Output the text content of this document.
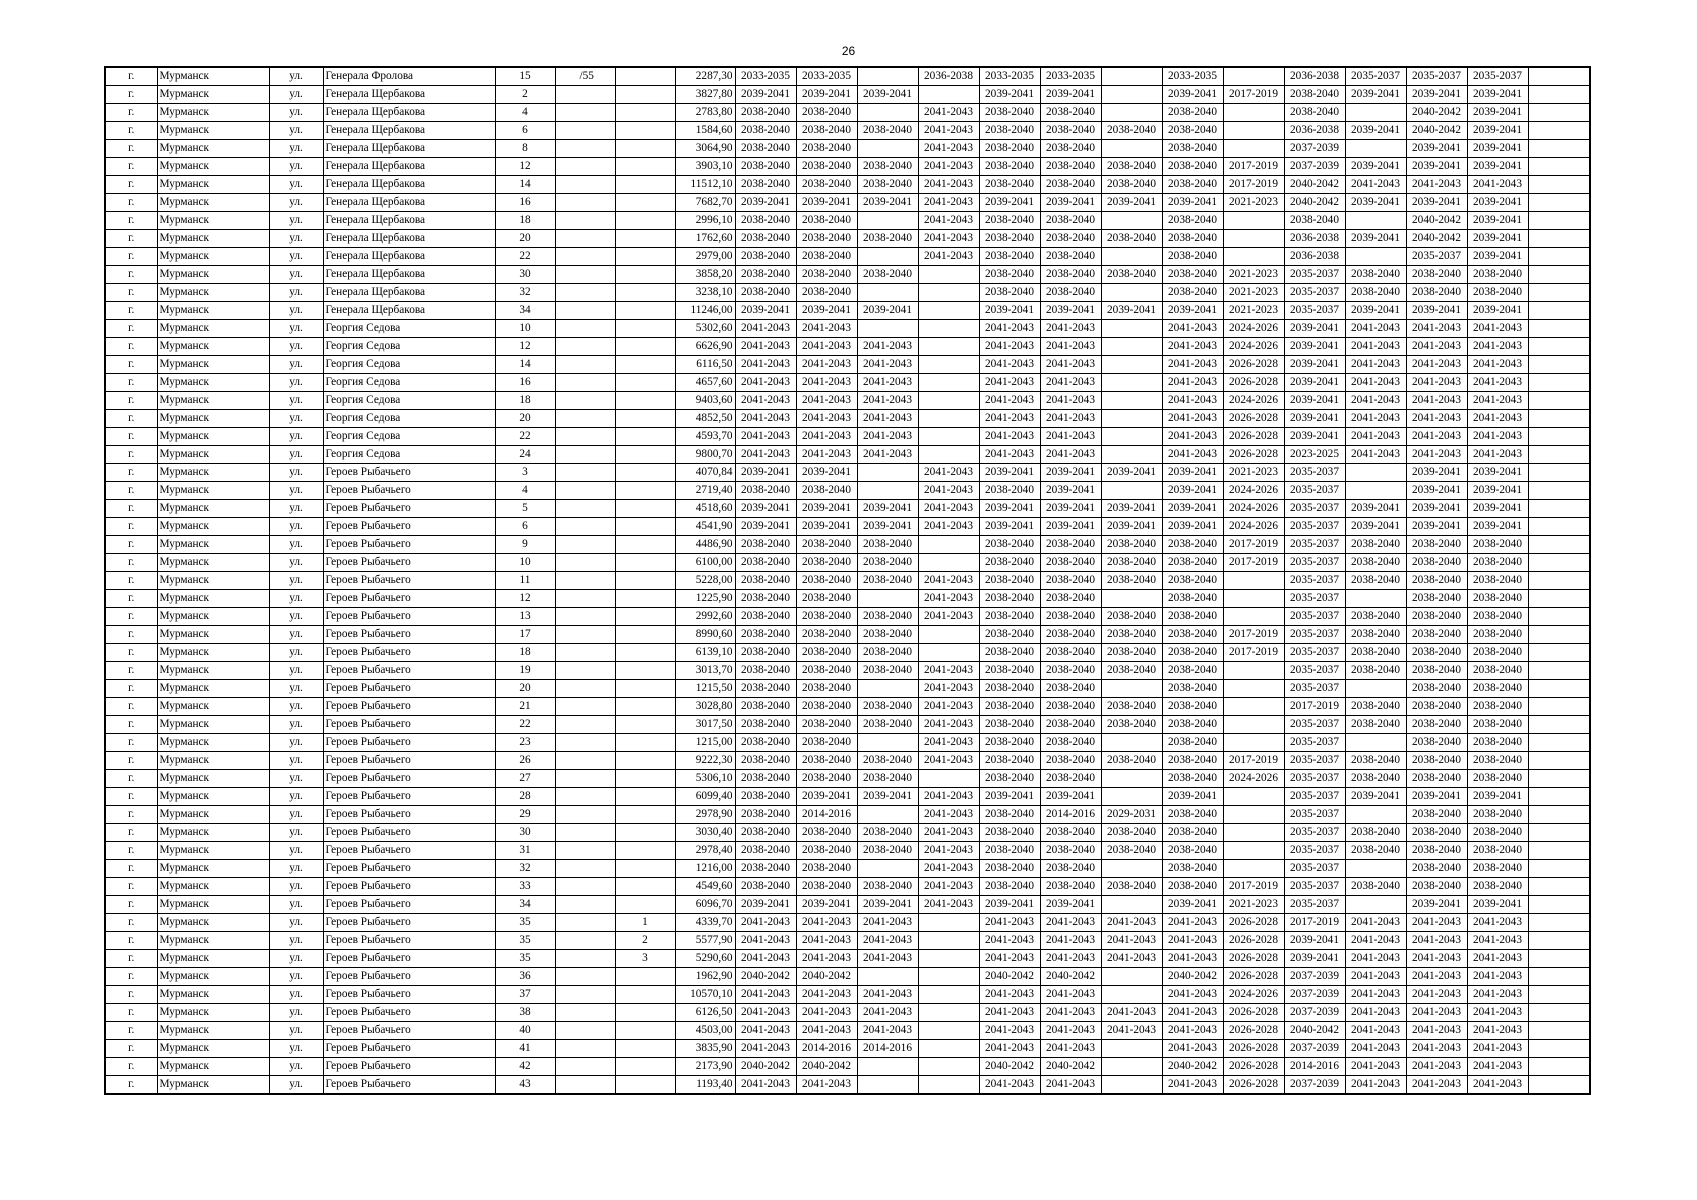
26
г.	Мурманск	ул.	Генерала Фролова	15	/55		2287,30	2033-2035	2033-2035		2036-2038	2033-2035	2033-2035		2033-2035		2036-2038	2035-2037	2035-2037	2035-2037	
г.	Мурманск	ул.	Генерала Щербакова	2			3827,80	2039-2041	2039-2041	2039-2041		2039-2041	2039-2041		2039-2041	2017-2019	2038-2040	2039-2041	2039-2041	2039-2041	
г.	Мурманск	ул.	Генерала Щербакова	4			2783,80	2038-2040	2038-2040		2041-2043	2038-2040	2038-2040		2038-2040		2038-2040		2040-2042	2039-2041	
г.	Мурманск	ул.	Генерала Щербакова	6			1584,60	2038-2040	2038-2040	2038-2040	2041-2043	2038-2040	2038-2040	2038-2040	2038-2040		2036-2038	2039-2041	2040-2042	2039-2041	
г.	Мурманск	ул.	Генерала Щербакова	8			3064,90	2038-2040	2038-2040		2041-2043	2038-2040	2038-2040		2038-2040		2037-2039		2039-2041	2039-2041	
г.	Мурманск	ул.	Генерала Щербакова	12			3903,10	2038-2040	2038-2040	2038-2040	2041-2043	2038-2040	2038-2040	2038-2040	2038-2040	2017-2019	2037-2039	2039-2041	2039-2041	2039-2041	
г.	Мурманск	ул.	Генерала Щербакова	14			11512,10	2038-2040	2038-2040	2038-2040	2041-2043	2038-2040	2038-2040	2038-2040	2038-2040	2017-2019	2040-2042	2041-2043	2041-2043	2041-2043	
г.	Мурманск	ул.	Генерала Щербакова	16			7682,70	2039-2041	2039-2041	2039-2041	2041-2043	2039-2041	2039-2041	2039-2041	2039-2041	2021-2023	2040-2042	2039-2041	2039-2041	2039-2041	
г.	Мурманск	ул.	Генерала Щербакова	18			2996,10	2038-2040	2038-2040		2041-2043	2038-2040	2038-2040		2038-2040		2038-2040		2040-2042	2039-2041	
г.	Мурманск	ул.	Генерала Щербакова	20			1762,60	2038-2040	2038-2040	2038-2040	2041-2043	2038-2040	2038-2040	2038-2040	2038-2040		2036-2038	2039-2041	2040-2042	2039-2041	
г.	Мурманск	ул.	Генерала Щербакова	22			2979,00	2038-2040	2038-2040		2041-2043	2038-2040	2038-2040		2038-2040		2036-2038		2035-2037	2039-2041	
г.	Мурманск	ул.	Генерала Щербакова	30			3858,20	2038-2040	2038-2040	2038-2040		2038-2040	2038-2040	2038-2040	2038-2040	2021-2023	2035-2037	2038-2040	2038-2040	2038-2040	
г.	Мурманск	ул.	Генерала Щербакова	32			3238,10	2038-2040	2038-2040			2038-2040	2038-2040		2038-2040	2021-2023	2035-2037	2038-2040	2038-2040	2038-2040	
г.	Мурманск	ул.	Генерала Щербакова	34			11246,00	2039-2041	2039-2041	2039-2041		2039-2041	2039-2041	2039-2041	2039-2041	2021-2023	2035-2037	2039-2041	2039-2041	2039-2041	
г.	Мурманск	ул.	Георгия Седова	10			5302,60	2041-2043	2041-2043			2041-2043	2041-2043		2041-2043	2024-2026	2039-2041	2041-2043	2041-2043	2041-2043	
г.	Мурманск	ул.	Георгия Седова	12			6626,90	2041-2043	2041-2043	2041-2043		2041-2043	2041-2043		2041-2043	2024-2026	2039-2041	2041-2043	2041-2043	2041-2043	
г.	Мурманск	ул.	Георгия Седова	14			6116,50	2041-2043	2041-2043	2041-2043		2041-2043	2041-2043		2041-2043	2026-2028	2039-2041	2041-2043	2041-2043	2041-2043	
г.	Мурманск	ул.	Георгия Седова	16			4657,60	2041-2043	2041-2043	2041-2043		2041-2043	2041-2043		2041-2043	2026-2028	2039-2041	2041-2043	2041-2043	2041-2043	
г.	Мурманск	ул.	Георгия Седова	18			9403,60	2041-2043	2041-2043	2041-2043		2041-2043	2041-2043		2041-2043	2024-2026	2039-2041	2041-2043	2041-2043	2041-2043	
г.	Мурманск	ул.	Георгия Седова	20			4852,50	2041-2043	2041-2043	2041-2043		2041-2043	2041-2043		2041-2043	2026-2028	2039-2041	2041-2043	2041-2043	2041-2043	
г.	Мурманск	ул.	Георгия Седова	22			4593,70	2041-2043	2041-2043	2041-2043		2041-2043	2041-2043		2041-2043	2026-2028	2039-2041	2041-2043	2041-2043	2041-2043	
г.	Мурманск	ул.	Георгия Седова	24			9800,70	2041-2043	2041-2043	2041-2043		2041-2043	2041-2043		2041-2043	2026-2028	2023-2025	2041-2043	2041-2043	2041-2043	
г.	Мурманск	ул.	Героев Рыбачьего	3			4070,84	2039-2041	2039-2041		2041-2043	2039-2041	2039-2041	2039-2041	2039-2041	2021-2023	2035-2037		2039-2041	2039-2041	
г.	Мурманск	ул.	Героев Рыбачьего	4			2719,40	2038-2040	2038-2040		2041-2043	2038-2040	2039-2041		2039-2041	2024-2026	2035-2037		2039-2041	2039-2041	
г.	Мурманск	ул.	Героев Рыбачьего	5			4518,60	2039-2041	2039-2041	2039-2041	2041-2043	2039-2041	2039-2041	2039-2041	2039-2041	2024-2026	2035-2037	2039-2041	2039-2041	2039-2041	
г.	Мурманск	ул.	Героев Рыбачьего	6			4541,90	2039-2041	2039-2041	2039-2041	2041-2043	2039-2041	2039-2041	2039-2041	2039-2041	2024-2026	2035-2037	2039-2041	2039-2041	2039-2041	
г.	Мурманск	ул.	Героев Рыбачьего	9			4486,90	2038-2040	2038-2040	2038-2040		2038-2040	2038-2040	2038-2040	2038-2040	2017-2019	2035-2037	2038-2040	2038-2040	2038-2040	
г.	Мурманск	ул.	Героев Рыбачьего	10			6100,00	2038-2040	2038-2040	2038-2040		2038-2040	2038-2040	2038-2040	2038-2040	2017-2019	2035-2037	2038-2040	2038-2040	2038-2040	
г.	Мурманск	ул.	Героев Рыбачьего	11			5228,00	2038-2040	2038-2040	2038-2040	2041-2043	2038-2040	2038-2040	2038-2040	2038-2040		2035-2037	2038-2040	2038-2040	2038-2040	
г.	Мурманск	ул.	Героев Рыбачьего	12			1225,90	2038-2040	2038-2040		2041-2043	2038-2040	2038-2040		2038-2040		2035-2037		2038-2040	2038-2040	
г.	Мурманск	ул.	Героев Рыбачьего	13			2992,60	2038-2040	2038-2040	2038-2040	2041-2043	2038-2040	2038-2040	2038-2040	2038-2040		2035-2037	2038-2040	2038-2040	2038-2040	
г.	Мурманск	ул.	Героев Рыбачьего	17			8990,60	2038-2040	2038-2040	2038-2040		2038-2040	2038-2040	2038-2040	2038-2040	2017-2019	2035-2037	2038-2040	2038-2040	2038-2040	
г.	Мурманск	ул.	Героев Рыбачьего	18			6139,10	2038-2040	2038-2040	2038-2040		2038-2040	2038-2040	2038-2040	2038-2040	2017-2019	2035-2037	2038-2040	2038-2040	2038-2040	
г.	Мурманск	ул.	Героев Рыбачьего	19			3013,70	2038-2040	2038-2040	2038-2040	2041-2043	2038-2040	2038-2040	2038-2040	2038-2040		2035-2037	2038-2040	2038-2040	2038-2040	
г.	Мурманск	ул.	Героев Рыбачьего	20			1215,50	2038-2040	2038-2040		2041-2043	2038-2040	2038-2040		2038-2040		2035-2037		2038-2040	2038-2040	
г.	Мурманск	ул.	Героев Рыбачьего	21			3028,80	2038-2040	2038-2040	2038-2040	2041-2043	2038-2040	2038-2040	2038-2040	2038-2040		2017-2019	2038-2040	2038-2040	2038-2040	
г.	Мурманск	ул.	Героев Рыбачьего	22			3017,50	2038-2040	2038-2040	2038-2040	2041-2043	2038-2040	2038-2040	2038-2040	2038-2040		2035-2037	2038-2040	2038-2040	2038-2040	
г.	Мурманск	ул.	Героев Рыбачьего	23			1215,00	2038-2040	2038-2040		2041-2043	2038-2040	2038-2040		2038-2040		2035-2037		2038-2040	2038-2040	
г.	Мурманск	ул.	Героев Рыбачьего	26			9222,30	2038-2040	2038-2040	2038-2040	2041-2043	2038-2040	2038-2040	2038-2040	2038-2040	2017-2019	2035-2037	2038-2040	2038-2040	2038-2040	
г.	Мурманск	ул.	Героев Рыбачьего	27			5306,10	2038-2040	2038-2040	2038-2040		2038-2040	2038-2040		2038-2040	2024-2026	2035-2037	2038-2040	2038-2040	2038-2040	
г.	Мурманск	ул.	Героев Рыбачьего	28			6099,40	2038-2040	2039-2041	2039-2041	2041-2043	2039-2041	2039-2041		2039-2041		2035-2037	2039-2041	2039-2041	2039-2041	
г.	Мурманск	ул.	Героев Рыбачьего	29			2978,90	2038-2040	2014-2016		2041-2043	2038-2040	2014-2016	2029-2031	2038-2040		2035-2037		2038-2040	2038-2040	
г.	Мурманск	ул.	Героев Рыбачьего	30			3030,40	2038-2040	2038-2040	2038-2040	2041-2043	2038-2040	2038-2040	2038-2040	2038-2040		2035-2037	2038-2040	2038-2040	2038-2040	
г.	Мурманск	ул.	Героев Рыбачьего	31			2978,40	2038-2040	2038-2040	2038-2040	2041-2043	2038-2040	2038-2040	2038-2040	2038-2040		2035-2037	2038-2040	2038-2040	2038-2040	
г.	Мурманск	ул.	Героев Рыбачьего	32			1216,00	2038-2040	2038-2040		2041-2043	2038-2040	2038-2040		2038-2040		2035-2037		2038-2040	2038-2040	
г.	Мурманск	ул.	Героев Рыбачьего	33			4549,60	2038-2040	2038-2040	2038-2040	2041-2043	2038-2040	2038-2040	2038-2040	2038-2040	2017-2019	2035-2037	2038-2040	2038-2040	2038-2040	
г.	Мурманск	ул.	Героев Рыбачьего	34			6096,70	2039-2041	2039-2041	2039-2041	2041-2043	2039-2041	2039-2041		2039-2041	2021-2023	2035-2037		2039-2041	2039-2041	
г.	Мурманск	ул.	Героев Рыбачьего	35		1	4339,70	2041-2043	2041-2043	2041-2043		2041-2043	2041-2043	2041-2043	2041-2043	2026-2028	2017-2019	2041-2043	2041-2043	2041-2043	
г.	Мурманск	ул.	Героев Рыбачьего	35		2	5577,90	2041-2043	2041-2043	2041-2043		2041-2043	2041-2043	2041-2043	2041-2043	2026-2028	2039-2041	2041-2043	2041-2043	2041-2043	
г.	Мурманск	ул.	Героев Рыбачьего	35		3	5290,60	2041-2043	2041-2043	2041-2043		2041-2043	2041-2043	2041-2043	2041-2043	2026-2028	2039-2041	2041-2043	2041-2043	2041-2043	
г.	Мурманск	ул.	Героев Рыбачьего	36			1962,90	2040-2042	2040-2042			2040-2042	2040-2042		2040-2042	2026-2028	2037-2039	2041-2043	2041-2043	2041-2043	
г.	Мурманск	ул.	Героев Рыбачьего	37			10570,10	2041-2043	2041-2043	2041-2043		2041-2043	2041-2043		2041-2043	2024-2026	2037-2039	2041-2043	2041-2043	2041-2043	
г.	Мурманск	ул.	Героев Рыбачьего	38			6126,50	2041-2043	2041-2043	2041-2043		2041-2043	2041-2043	2041-2043	2041-2043	2026-2028	2037-2039	2041-2043	2041-2043	2041-2043	
г.	Мурманск	ул.	Героев Рыбачьего	40			4503,00	2041-2043	2041-2043	2041-2043		2041-2043	2041-2043	2041-2043	2041-2043	2026-2028	2040-2042	2041-2043	2041-2043	2041-2043	
г.	Мурманск	ул.	Героев Рыбачьего	41			3835,90	2041-2043	2014-2016	2014-2016		2041-2043	2041-2043		2041-2043	2026-2028	2037-2039	2041-2043	2041-2043	2041-2043	
г.	Мурманск	ул.	Героев Рыбачьего	42			2173,90	2040-2042	2040-2042			2040-2042	2040-2042		2040-2042	2026-2028	2014-2016	2041-2043	2041-2043	2041-2043	
г.	Мурманск	ул.	Героев Рыбачьего	43			1193,40	2041-2043	2041-2043			2041-2043	2041-2043		2041-2043	2026-2028	2037-2039	2041-2043	2041-2043	2041-2043	
